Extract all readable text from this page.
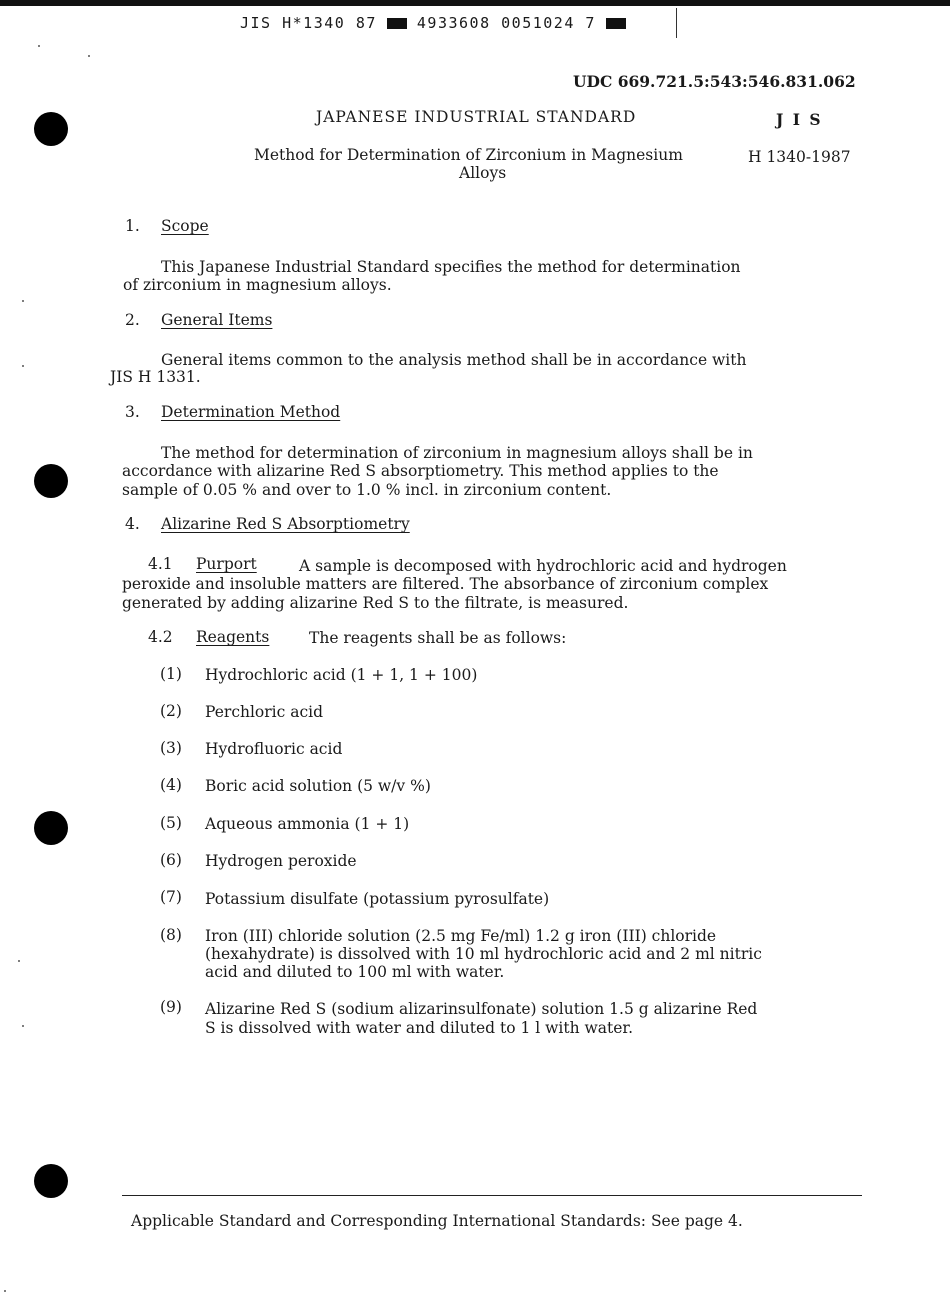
JIS H*1340 87	4933608 0051024 7
UDC 669.721.5:543:546.831.062
JAPANESE INDUSTRIAL STANDARD	J I S
Method for Determination of Zirconium in Magnesium
Alloys
H 1340-1987
1. Scope
This Japanese Industrial Standard specifies the method for determination
of zirconium in magnesium alloys.
2. General Items
General items common to the analysis method shall be in accordance with
JIS H 1331.
3. Determination Method
The method for determination of zirconium in magnesium alloys shall be in
accordance with alizarine Red S absorptiometry. This method applies to the
sample of 0.05 % and over to 1.0 % incl. in zirconium content.
4. Alizarine Red S Absorptiometry
4.1 Purport	A sample is decomposed with hydrochloric acid and hydrogen
peroxide and insoluble matters are filtered. The absorbance of zirconium complex
generated by adding alizarine Red S to the filtrate, is measured.
4.2 Reagents	The reagents shall be as follows:
(1) Hydrochloric acid (1 + 1, 1 + 100)
(2) Perchloric acid
(3) Hydrofluoric acid
(4) Boric acid solution (5 w/v %)
(5) Aqueous ammonia (1 + 1)
(6) Hydrogen peroxide
(7) Potassium disulfate (potassium pyrosulfate)
(8) Iron (III) chloride solution (2.5 mg Fe/ml) 1.2 g iron (III) chloride
(hexahydrate) is dissolved with 10 ml hydrochloric acid and 2 ml nitric
acid and diluted to 100 ml with water.
(9) Alizarine Red S (sodium alizarinsulfonate) solution 1.5 g alizarine Red
S is dissolved with water and diluted to 1 l with water.
Applicable Standard and Corresponding International Standards: See page 4.
